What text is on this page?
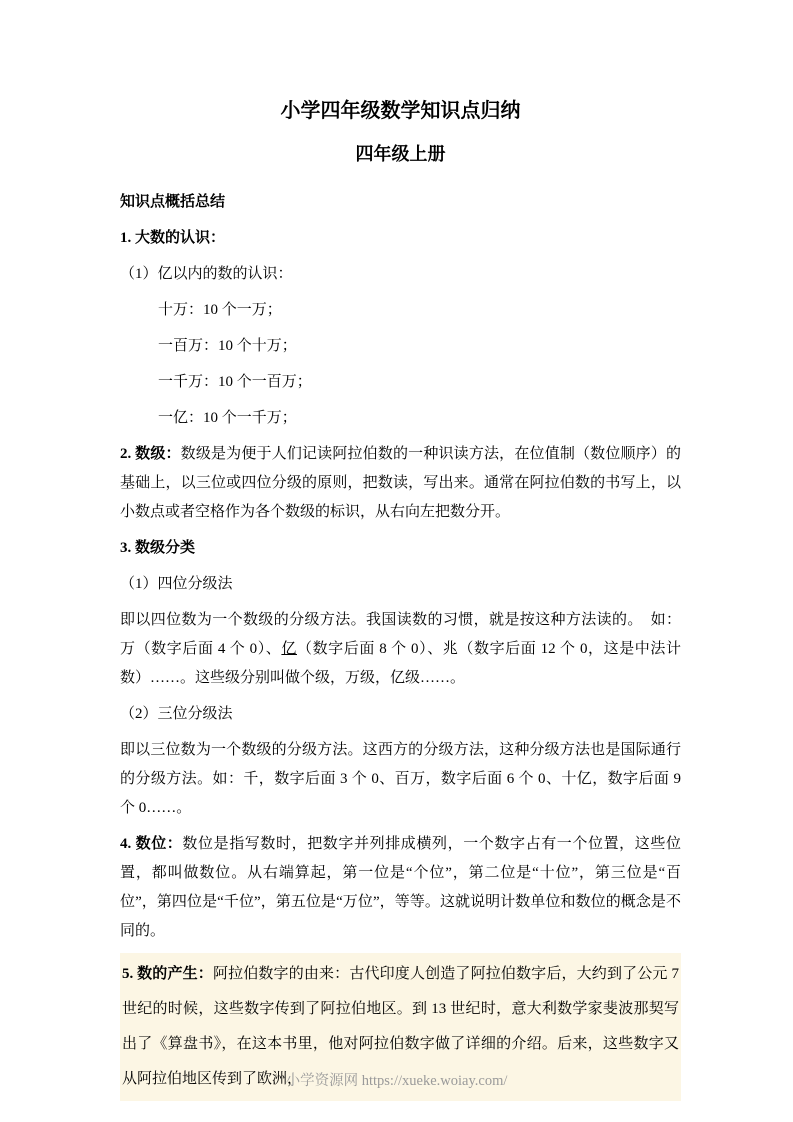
小学四年级数学知识点归纳
四年级上册

知识点概括总结

1. 大数的认识：

（1）亿以内的数的认识：

十万：10 个一万；

一百万：10 个十万；

一千万：10 个一百万；

一亿：10 个一千万；

2. 数级：数级是为便于人们记读阿拉伯数的一种识读方法，在位值制（数位顺序）的基础上，以三位或四位分级的原则，把数读，写出来。通常在阿拉伯数的书写上，以小数点或者空格作为各个数级的标识，从右向左把数分开。

3. 数级分类

（1）四位分级法

即以四位数为一个数级的分级方法。我国读数的习惯，就是按这种方法读的。　如：万（数字后面 4 个 0）、亿（数字后面 8 个 0）、兆（数字后面 12 个 0，这是中法计数）……。这些级分别叫做个级，万级，亿级……。

（2）三位分级法

即以三位数为一个数级的分级方法。这西方的分级方法，这种分级方法也是国际通行的分级方法。如：千，数字后面 3 个 0、百万，数字后面 6 个 0、十亿，数字后面 9 个 0……。

4. 数位：数位是指写数时，把数字并列排成横列，一个数字占有一个位置，这些位置，都叫做数位。从右端算起，第一位是“个位”，第二位是“十位”，第三位是“百位”，第四位是“千位”，第五位是“万位”，等等。这就说明计数单位和数位的概念是不同的。

5. 数的产生：阿拉伯数字的由来：古代印度人创造了阿拉伯数字后，大约到了公元 7 世纪的时候，这些数字传到了阿拉伯地区。到 13 世纪时，意大利数学家斐波那契写出了《算盘书》，在这本书里，他对阿拉伯数字做了详细的介绍。后来，这些数字又从阿拉伯地区传到了欧洲，

小学资源网 https://xueke.woiay.com/
